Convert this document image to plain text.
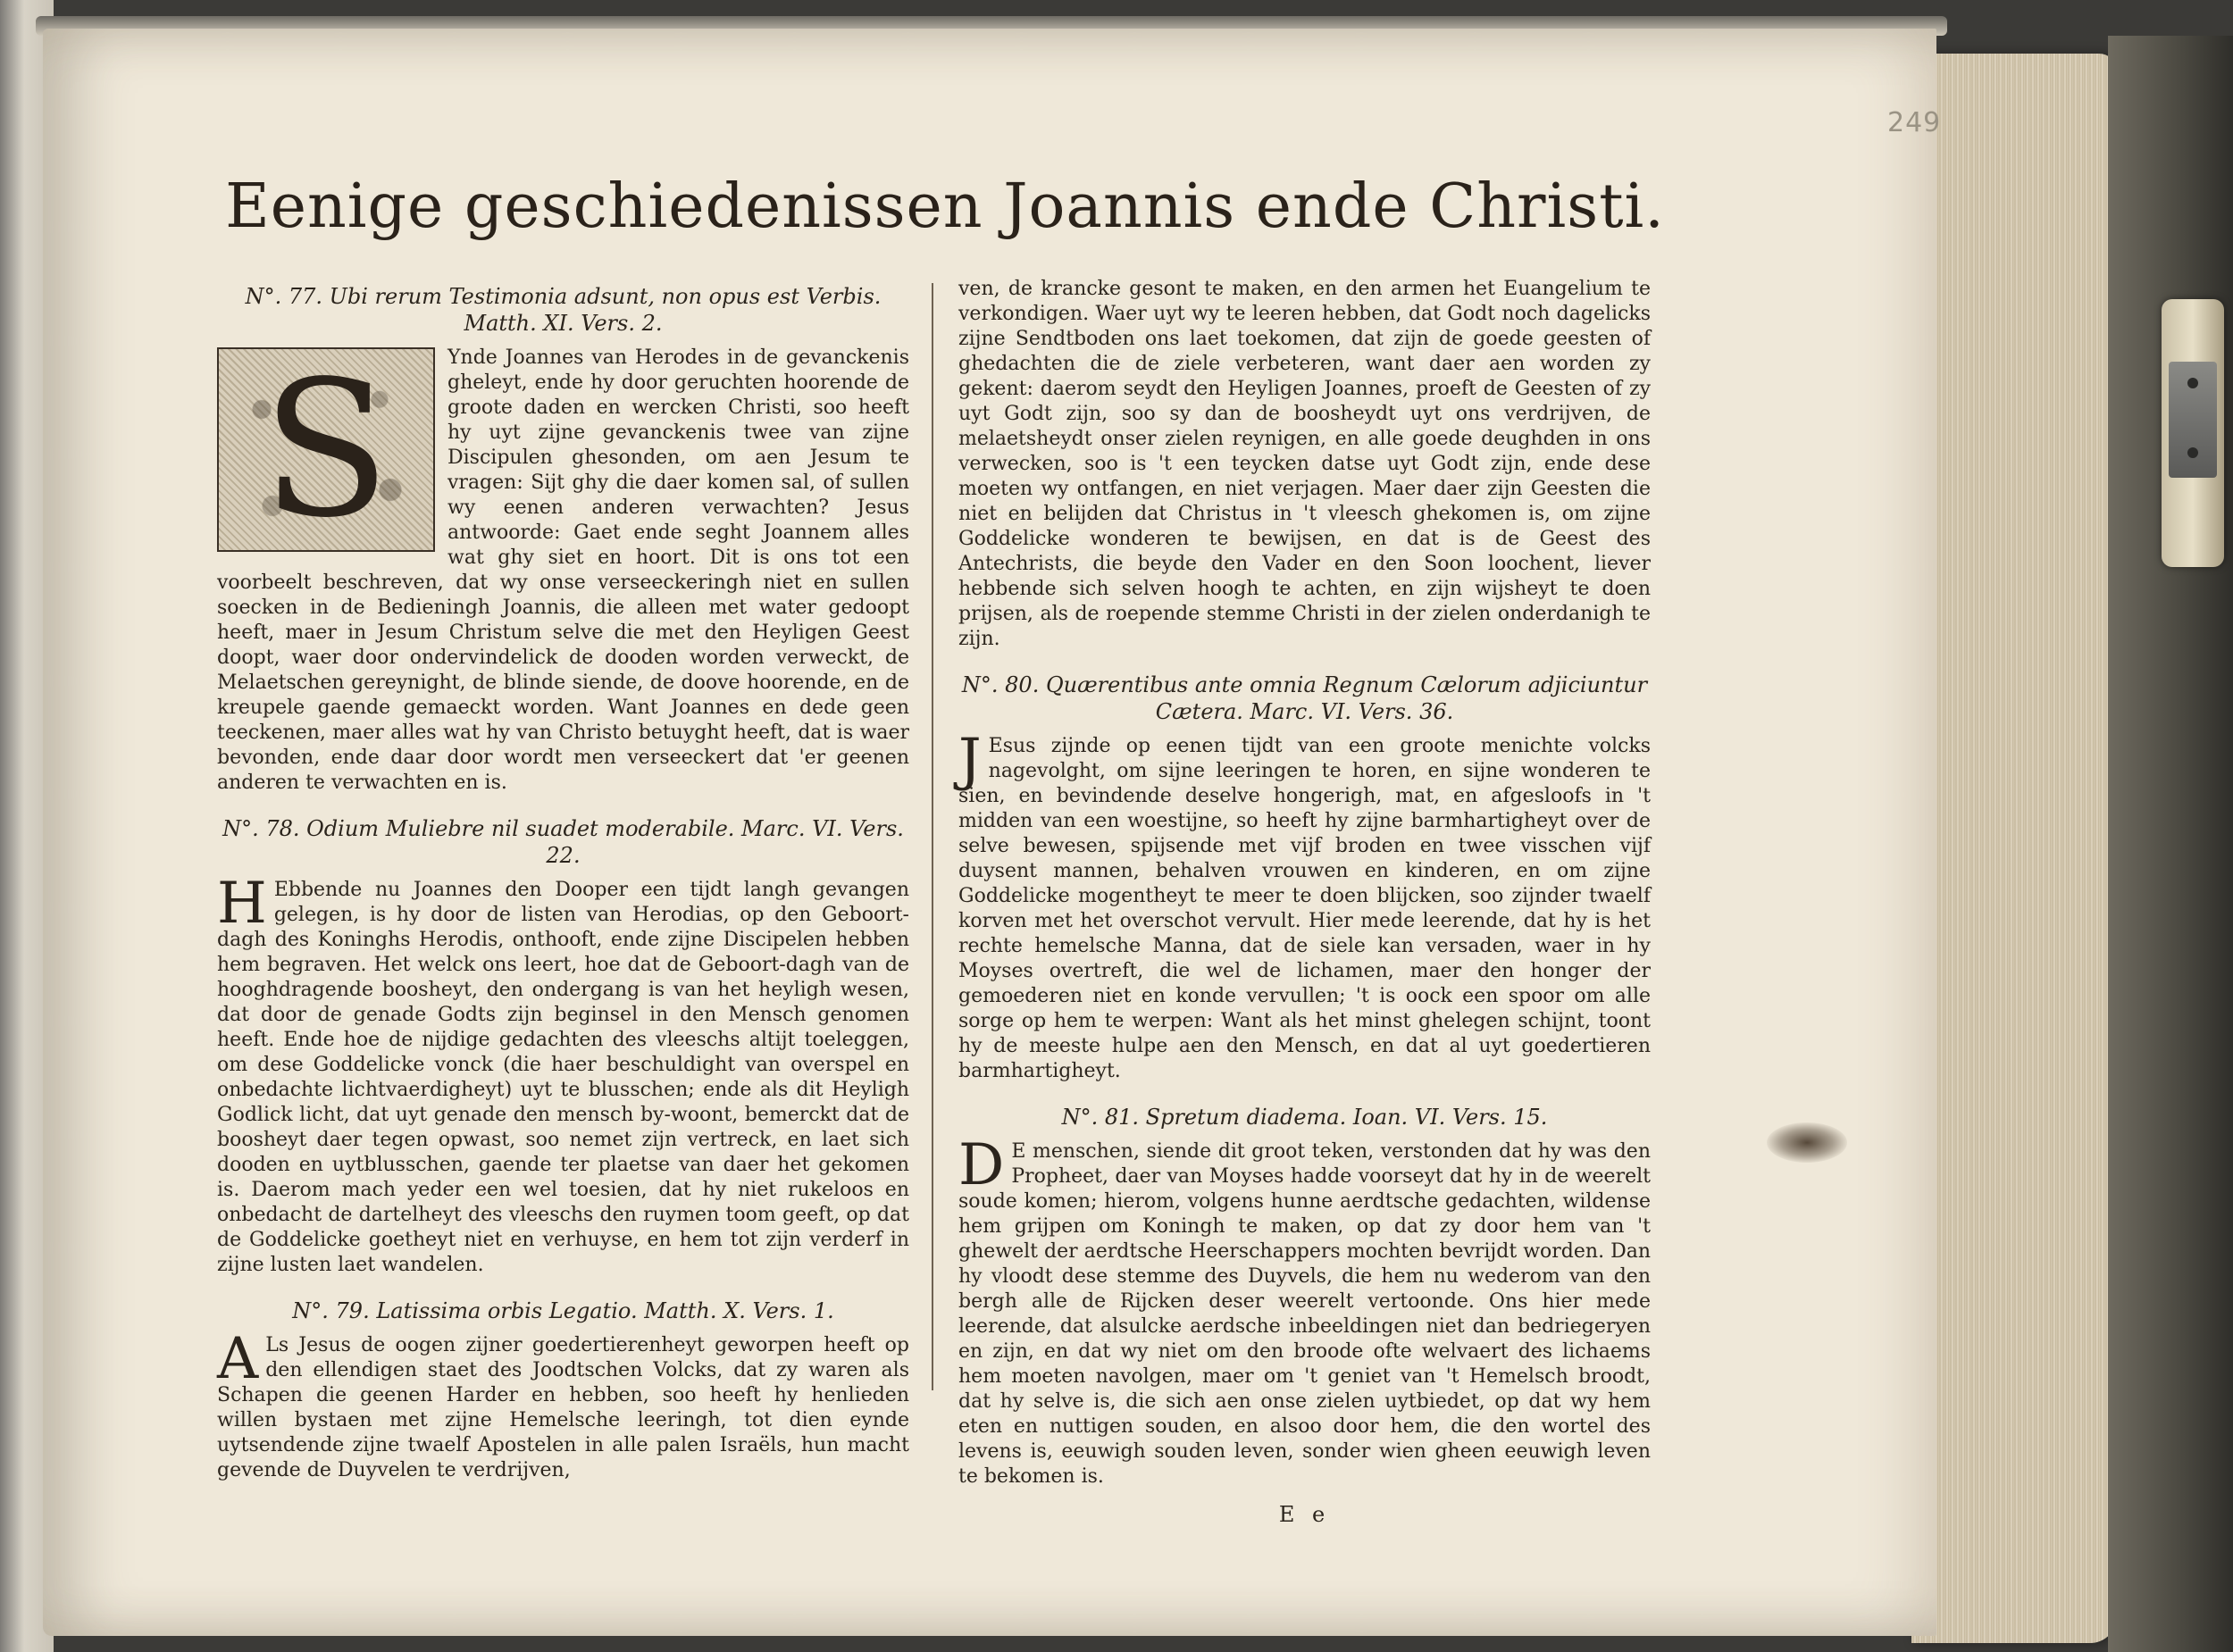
249
Eenige geschiedenissen Joannis ende Christi.
N°. 77. Ubi rerum Testimonia adsunt, non opus est Verbis. Matth. XI. Vers. 2.

S	Ynde Joannes van Herodes in de gevanckenis gheleyt, ende hy door geruchten hoorende de groote daden en wercken Christi, soo heeft hy uyt zijne gevanckenis twee van zijne Discipulen ghesonden, om aen Jesum te vragen: Sijt ghy die daer komen sal, of sullen wy eenen anderen verwachten? Jesus antwoorde: Gaet ende seght Joannem alles wat ghy siet en hoort. Dit is ons tot een voorbeelt beschreven, dat wy onse verseeckeringh niet en sullen soecken in de Bedieningh Joannis, die alleen met water gedoopt heeft, maer in Jesum Christum selve die met den Heyligen Geest doopt, waer door ondervindelick de dooden worden verweckt, de Melaetschen gereynight, de blinde siende, de doove hoorende, en de kreupele gaende gemaeckt worden. Want Joannes en dede geen teeckenen, maer alles wat hy van Christo betuyght heeft, dat is waer bevonden, ende daar door wordt men verseeckert dat 'er geenen anderen te verwachten en is.

N°. 78. Odium Muliebre nil suadet moderabile. Marc. VI. Vers. 22.

H Ebbende nu Joannes den Dooper een tijdt langh gevangen gelegen, is hy door de listen van Herodias, op den Geboort-dagh des Koninghs Herodis, onthooft, ende zijne Discipelen hebben hem begraven. Het welck ons leert, hoe dat de Geboort-dagh van de hooghdragende boosheyt, den ondergang is van het heyligh wesen, dat door de genade Godts zijn beginsel in den Mensch genomen heeft. Ende hoe de nijdige gedachten des vleeschs altijt toeleggen, om dese Goddelicke vonck (die haer beschuldight van overspel en onbedachte lichtvaerdigheyt) uyt te blusschen; ende als dit Heyligh Godlick licht, dat uyt genade den mensch by-woont, bemerckt dat de boosheyt daer tegen opwast, soo nemet zijn vertreck, en laet sich dooden en uytblusschen, gaende ter plaetse van daer het gekomen is. Daerom mach yeder een wel toesien, dat hy niet rukeloos en onbedacht de dartelheyt des vleeschs den ruymen toom geeft, op dat de Goddelicke goetheyt niet en verhuyse, en hem tot zijn verderf in zijne lusten laet wandelen.

N°. 79. Latissima orbis Legatio. Matth. X. Vers. 1.

A Ls Jesus de oogen zijner goedertierenheyt geworpen heeft op den ellendigen staet des Joodtschen Volcks, dat zy waren als Schapen die geenen Harder en hebben, soo heeft hy henlieden willen bystaen met zijne Hemelsche leeringh, tot dien eynde uytsendende zijne twaelf Apostelen in alle palen Israëls, hun macht gevende de Duyvelen te verdrijven,

ven, de krancke gesont te maken, en den armen het Euangelium te verkondigen. Waer uyt wy te leeren hebben, dat Godt noch dagelicks zijne Sendtboden ons laet toekomen, dat zijn de goede geesten of ghedachten die de ziele verbeteren, want daer aen worden zy gekent: daerom seydt den Heyligen Joannes, proeft de Geesten of zy uyt Godt zijn, soo sy dan de boosheydt uyt ons verdrijven, de melaetsheydt onser zielen reynigen, en alle goede deughden in ons verwecken, soo is 't een teycken datse uyt Godt zijn, ende dese moeten wy ontfangen, en niet verjagen. Maer daer zijn Geesten die niet en belijden dat Christus in 't vleesch ghekomen is, om zijne Goddelicke wonderen te bewijsen, en dat is de Geest des Antechrists, die beyde den Vader en den Soon loochent, liever hebbende sich selven hoogh te achten, en zijn wijsheyt te doen prijsen, als de roepende stemme Christi in der zielen onderdanigh te zijn.

N°. 80. Quærentibus ante omnia Regnum Cælorum adjiciuntur Cætera. Marc. VI. Vers. 36.

J Esus zijnde op eenen tijdt van een groote menichte volcks nagevolght, om sijne leeringen te horen, en sijne wonderen te sien, en bevindende deselve hongerigh, mat, en afgesloofs in 't midden van een woestijne, so heeft hy zijne barmhartigheyt over de selve bewesen, spijsende met vijf broden en twee visschen vijf duysent mannen, behalven vrouwen en kinderen, en om zijne Goddelicke mogentheyt te meer te doen blijcken, soo zijnder twaelf korven met het overschot vervult. Hier mede leerende, dat hy is het rechte hemelsche Manna, dat de siele kan versaden, waer in hy Moyses overtreft, die wel de lichamen, maer den honger der gemoederen niet en konde vervullen; 't is oock een spoor om alle sorge op hem te werpen: Want als het minst ghelegen schijnt, toont hy de meeste hulpe aen den Mensch, en dat al uyt goedertieren barmhartigheyt.

N°. 81. Spretum diadema. Ioan. VI. Vers. 15.

D E menschen, siende dit groot teken, verstonden dat hy was den Propheet, daer van Moyses hadde voorseyt dat hy in de weerelt soude komen; hierom, volgens hunne aerdtsche gedachten, wildense hem grijpen om Koningh te maken, op dat zy door hem van 't ghewelt der aerdtsche Heerschappers mochten bevrijdt worden. Dan hy vloodt dese stemme des Duyvels, die hem nu wederom van den bergh alle de Rijcken deser weerelt vertoonde. Ons hier mede leerende, dat alsulcke aerdsche inbeeldingen niet dan bedriegeryen en zijn, en dat wy niet om den broode ofte welvaert des lichaems hem moeten navolgen, maer om 't geniet van 't Hemelsch broodt, dat hy selve is, die sich aen onse zielen uytbiedet, op dat wy hem eten en nuttigen souden, en alsoo door hem, die den wortel des levens is, eeuwigh souden leven, sonder wien gheen eeuwigh leven te bekomen is.

E e
